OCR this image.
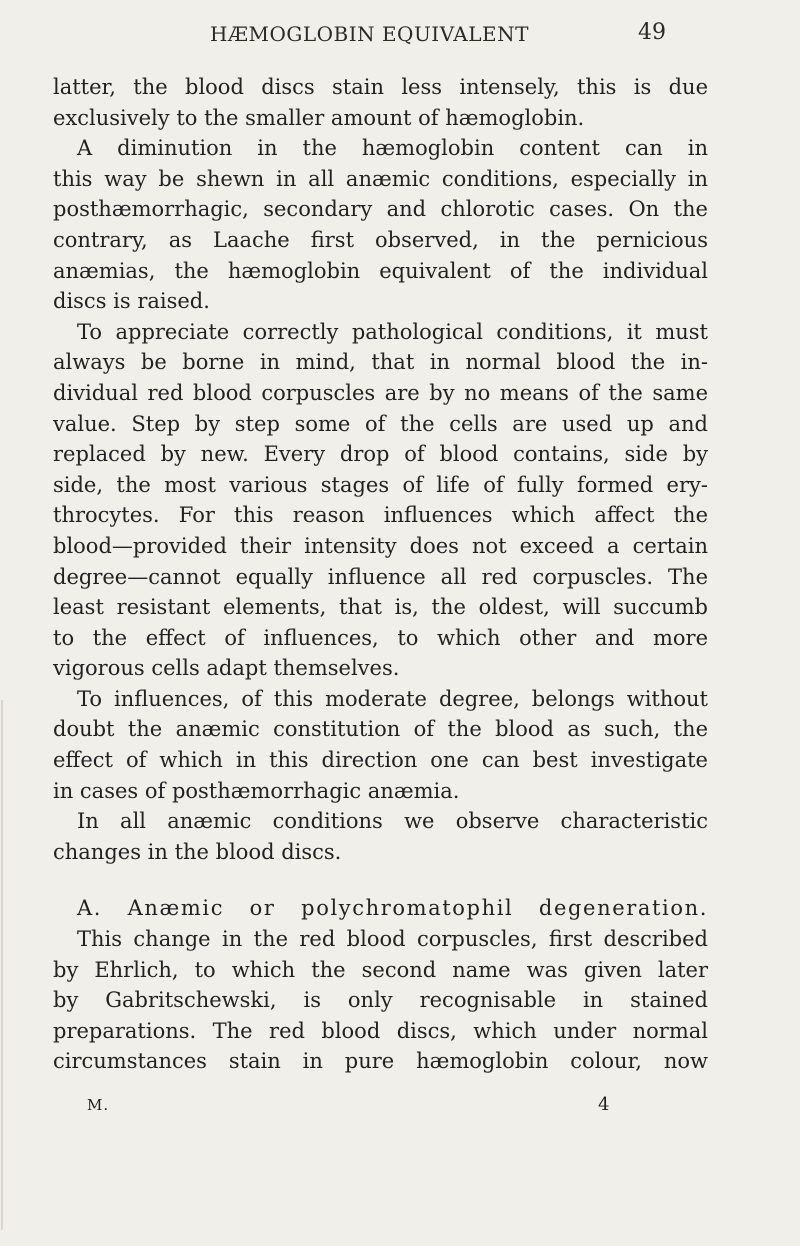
HÆMOGLOBIN EQUIVALENT	49
latter, the blood discs stain less intensely, this is due
exclusively to the smaller amount of hæmoglobin.
A diminution in the hæmoglobin content can in
this way be shewn in all anæmic conditions, especially in
posthæmorrhagic, secondary and chlorotic cases. On the
contrary, as Laache first observed, in the pernicious
anæmias, the hæmoglobin equivalent of the individual
discs is raised.
To appreciate correctly pathological conditions, it must
always be borne in mind, that in normal blood the in-
dividual red blood corpuscles are by no means of the same
value. Step by step some of the cells are used up and
replaced by new. Every drop of blood contains, side by
side, the most various stages of life of fully formed ery-
throcytes. For this reason influences which affect the
blood—provided their intensity does not exceed a certain
degree—cannot equally influence all red corpuscles. The
least resistant elements, that is, the oldest, will succumb
to the effect of influences, to which other and more
vigorous cells adapt themselves.
To influences, of this moderate degree, belongs without
doubt the anæmic constitution of the blood as such, the
effect of which in this direction one can best investigate
in cases of posthæmorrhagic anæmia.
In all anæmic conditions we observe characteristic
changes in the blood discs.
A. Anæmic or polychromatophil degeneration.
This change in the red blood corpuscles, first described
by Ehrlich, to which the second name was given later
by Gabritschewski, is only recognisable in stained
preparations. The red blood discs, which under normal
circumstances stain in pure hæmoglobin colour, now
M.	4
